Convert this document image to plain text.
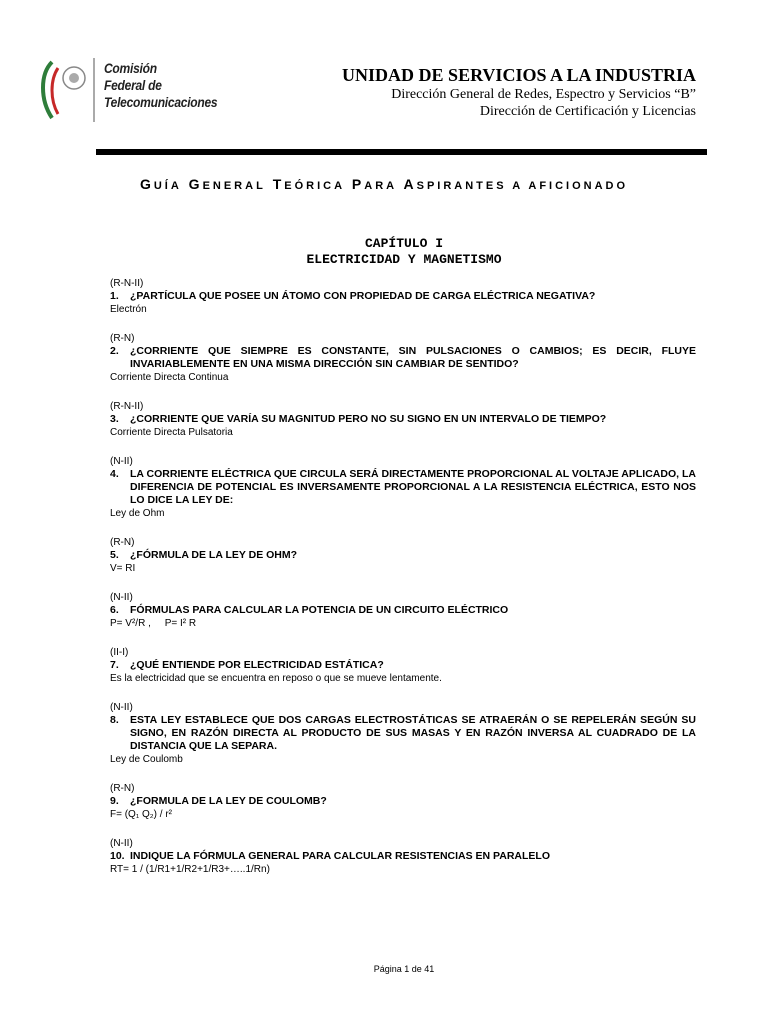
Comisión
Federal de
Telecomunicaciones
UNIDAD DE SERVICIOS A LA INDUSTRIA
Dirección General de Redes, Espectro y Servicios “B”
Dirección de Certificación y Licencias
GUÍA GENERAL TEÓRICA PARA ASPIRANTES A AFICIONADO
CAPÍTULO I
ELECTRICIDAD Y MAGNETISMO
(R-N-II)
1.	¿PARTÍCULA QUE POSEE UN ÁTOMO CON PROPIEDAD DE CARGA ELÉCTRICA NEGATIVA?
Electrón
(R-N)
2.	¿CORRIENTE QUE SIEMPRE ES CONSTANTE, SIN PULSACIONES O CAMBIOS; ES DECIR, FLUYE INVARIABLEMENTE EN UNA MISMA DIRECCIÓN SIN CAMBIAR DE SENTIDO?
Corriente Directa Continua
(R-N-II)
3.	¿CORRIENTE QUE VARÍA SU MAGNITUD PERO NO SU SIGNO EN UN INTERVALO DE TIEMPO?
Corriente Directa Pulsatoria
(N-II)
4.	LA CORRIENTE ELÉCTRICA QUE CIRCULA SERÁ DIRECTAMENTE PROPORCIONAL AL VOLTAJE APLICADO, LA DIFERENCIA DE POTENCIAL ES INVERSAMENTE PROPORCIONAL A LA RESISTENCIA ELÉCTRICA, ESTO NOS LO DICE LA LEY DE:
Ley de Ohm
(R-N)
5.	¿FÓRMULA DE LA LEY DE OHM?
V= RI
(N-II)
6.	FÓRMULAS PARA CALCULAR LA POTENCIA DE UN CIRCUITO ELÉCTRICO
P= V²/R ,     P= I² R
(II-I)
7.	¿QUÉ ENTIENDE POR ELECTRICIDAD ESTÁTICA?
Es la electricidad que se encuentra en reposo o que se mueve lentamente.
(N-II)
8.	ESTA LEY ESTABLECE QUE DOS CARGAS ELECTROSTÁTICAS SE ATRAERÁN O SE REPELERÁN SEGÚN SU SIGNO, EN RAZÓN DIRECTA AL PRODUCTO DE SUS MASAS Y EN RAZÓN INVERSA AL CUADRADO DE LA DISTANCIA QUE LA SEPARA.
Ley de Coulomb
(R-N)
9.	¿FORMULA DE LA LEY DE COULOMB?
F= (Q₁ Q₂) / r²
(N-II)
10. INDIQUE LA FÓRMULA GENERAL PARA CALCULAR RESISTENCIAS EN PARALELO
RT= 1 / (1/R1+1/R2+1/R3+…..1/Rn)
Página 1 de 41
